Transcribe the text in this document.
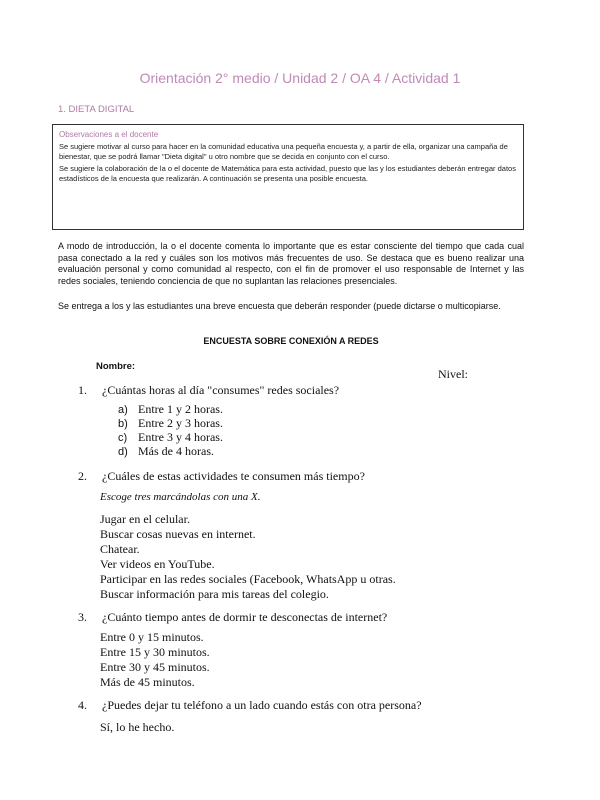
Orientación 2° medio / Unidad 2 / OA 4 / Actividad 1
1. DIETA DIGITAL
Observaciones a el docente

Se sugiere motivar al curso para hacer en la comunidad educativa una pequeña encuesta y, a partir de ella, organizar una campaña de bienestar, que se podrá llamar "Dieta digital" u otro nombre que se decida en conjunto con el curso.

Se sugiere la colaboración de la o el docente de Matemática para esta actividad, puesto que las y los estudiantes deberán entregar datos estadísticos de la encuesta que realizarán. A continuación se presenta una posible encuesta.

A modo de introducción, la o el docente comenta lo importante que es estar consciente del tiempo que cada cual pasa conectado a la red y cuáles son los motivos más frecuentes de uso. Se destaca que es bueno realizar una evaluación personal y como comunidad al respecto, con el fin de promover el uso responsable de Internet y las redes sociales, teniendo conciencia de que no suplantan las relaciones presenciales.
Se entrega a los y las estudiantes una breve encuesta que deberán responder (puede dictarse o multicopiarse.
ENCUESTA SOBRE CONEXIÓN A REDES
Nombre:
Nivel:
1. ¿Cuántas horas al día "consumes" redes sociales?
a) Entre 1 y 2 horas.
b) Entre 2 y 3 horas.
c) Entre 3 y 4 horas.
d) Más de 4 horas.
2. ¿Cuáles de estas actividades te consumen más tiempo?
Escoge tres marcándolas con una X.
Jugar en el celular.
Buscar cosas nuevas en internet.
Chatear.
Ver videos en YouTube.
Participar en las redes sociales (Facebook, WhatsApp u otras.
Buscar información para mis tareas del colegio.
3. ¿Cuánto tiempo antes de dormir te desconectas de internet?
Entre 0 y 15 minutos.
Entre 15 y 30 minutos.
Entre 30 y 45 minutos.
Más de 45 minutos.
4. ¿Puedes dejar tu teléfono a un lado cuando estás con otra persona?
Sí, lo he hecho.
